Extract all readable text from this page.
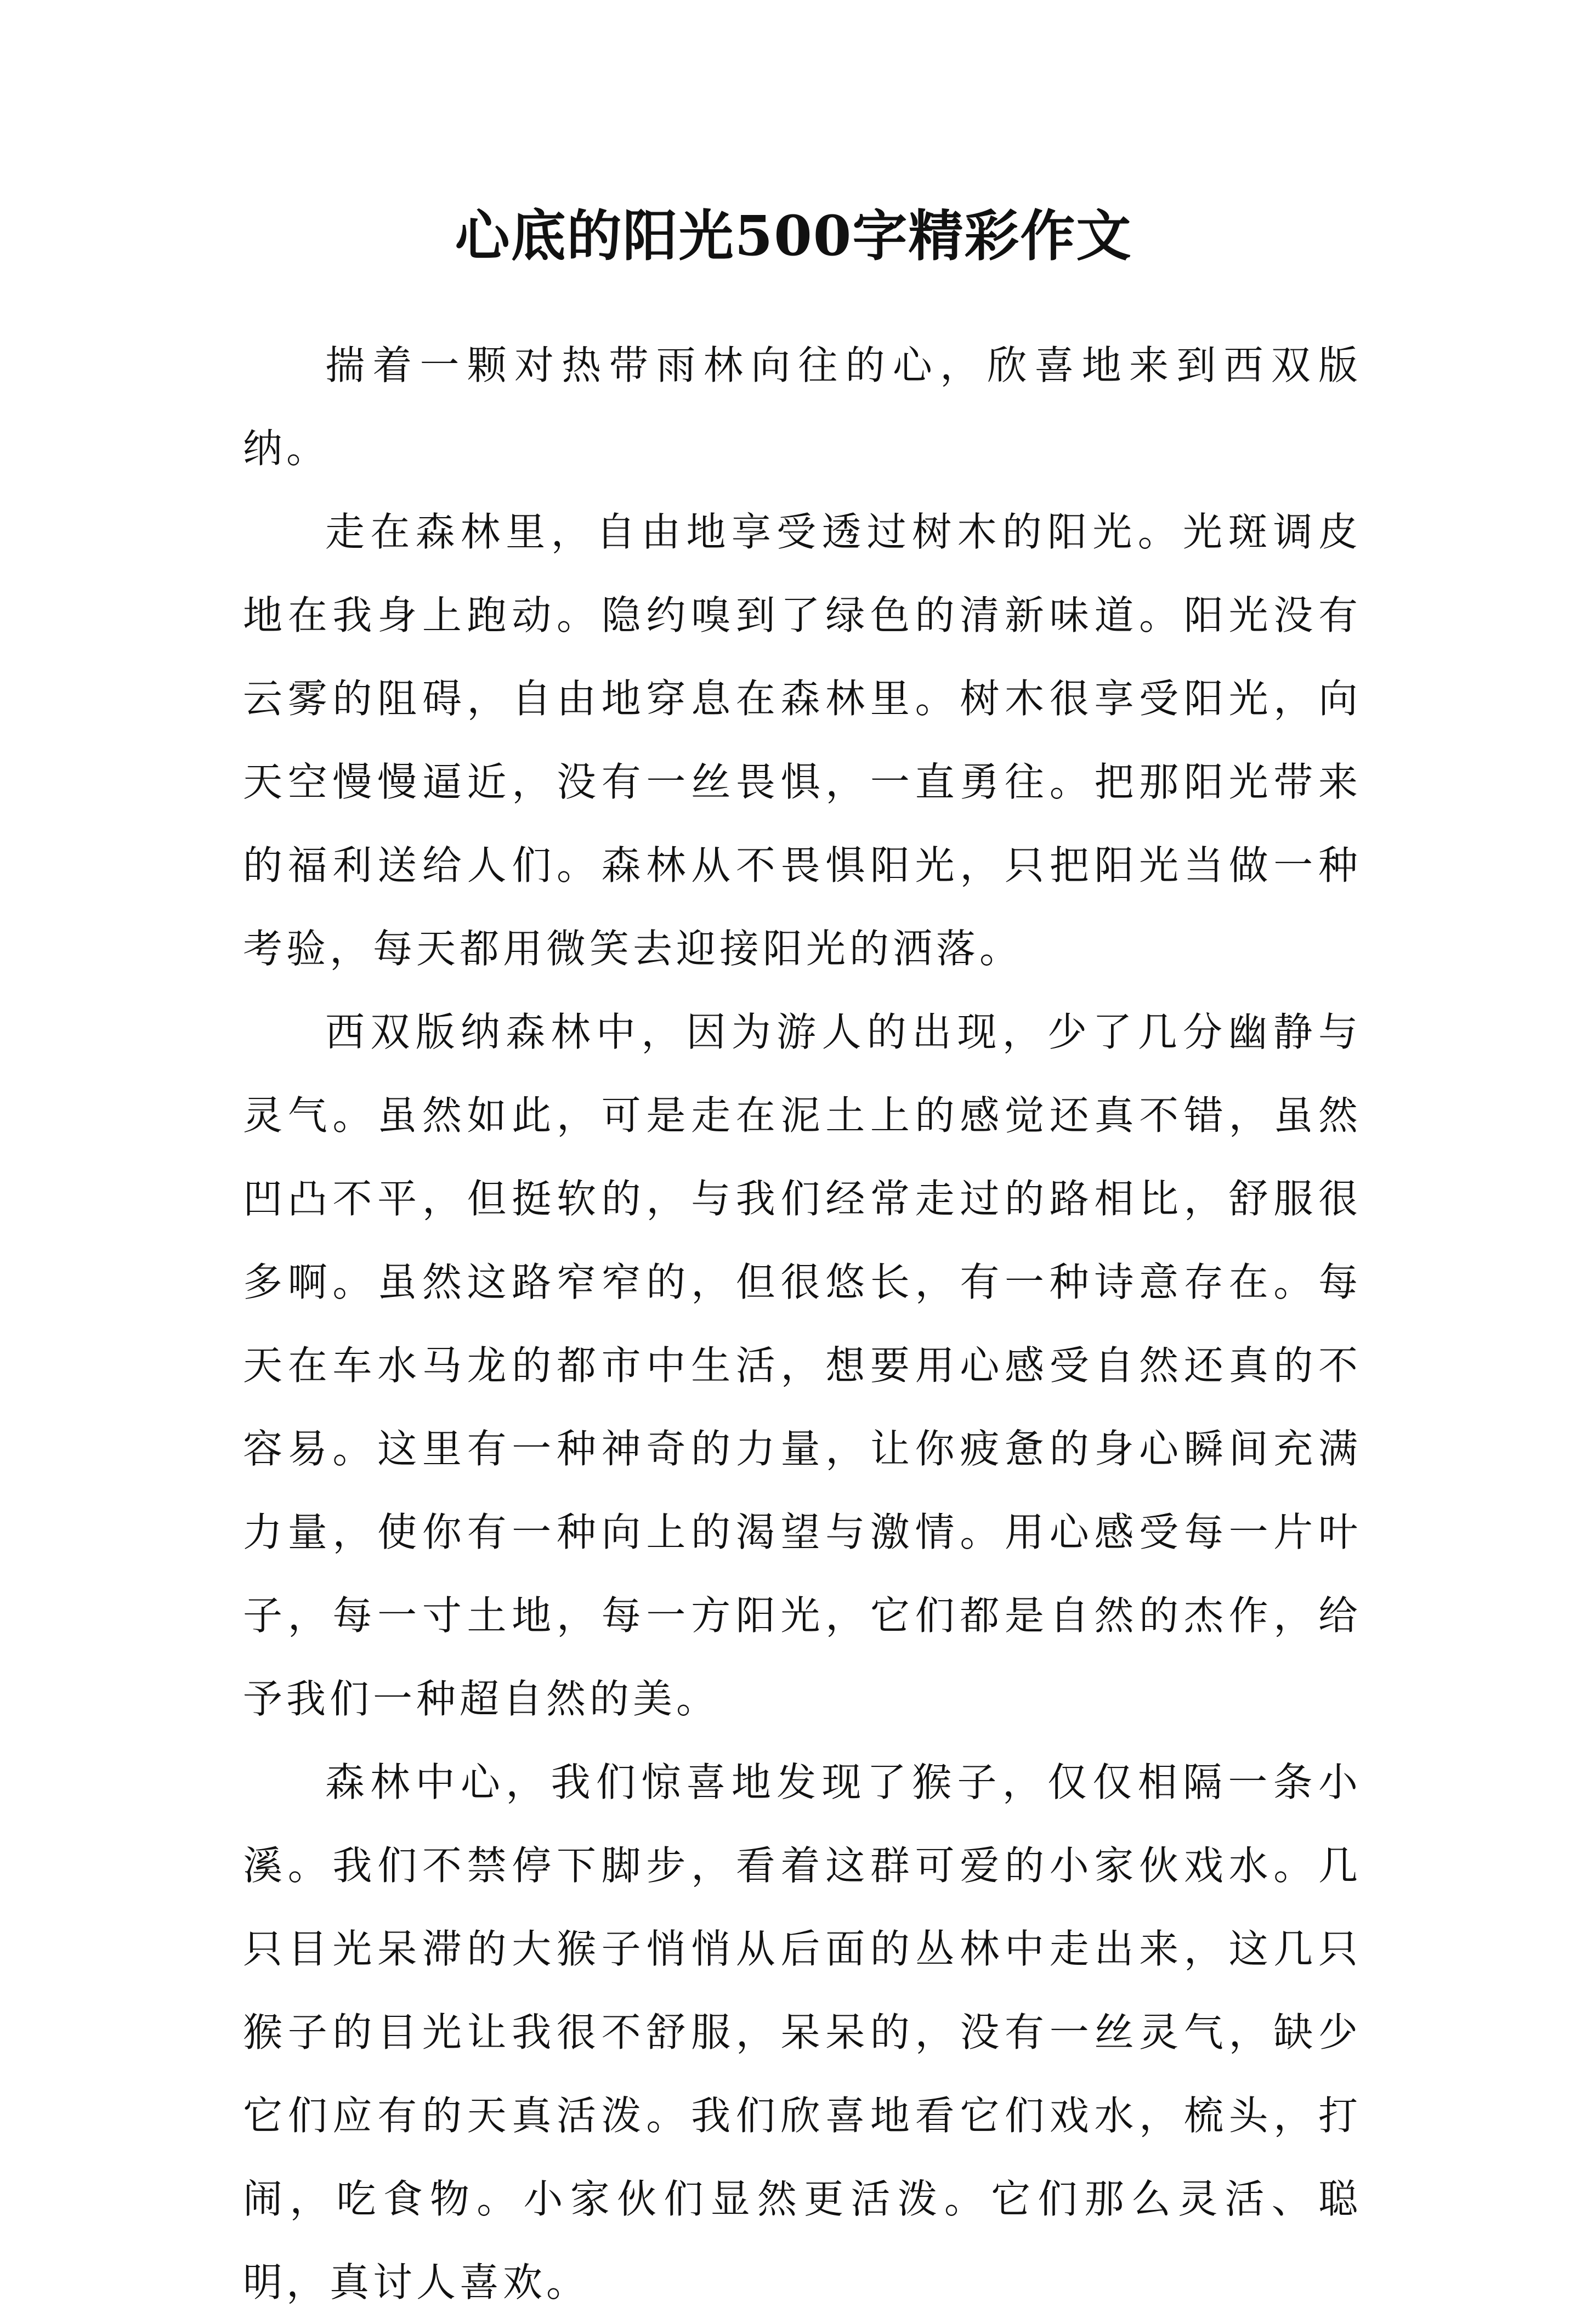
心底的阳光500字精彩作文

揣着一颗对热带雨林向往的心，欣喜地来到西双版纳。

走在森林里，自由地享受透过树木的阳光。光斑调皮地在我身上跑动。隐约嗅到了绿色的清新味道。阳光没有云雾的阻碍，自由地穿息在森林里。树木很享受阳光，向天空慢慢逼近，没有一丝畏惧，一直勇往。把那阳光带来的福利送给人们。森林从不畏惧阳光，只把阳光当做一种考验，每天都用微笑去迎接阳光的洒落。

西双版纳森林中，因为游人的出现，少了几分幽静与灵气。虽然如此，可是走在泥土上的感觉还真不错，虽然凹凸不平，但挺软的，与我们经常走过的路相比，舒服很多啊。虽然这路窄窄的，但很悠长，有一种诗意存在。每天在车水马龙的都市中生活，想要用心感受自然还真的不容易。这里有一种神奇的力量，让你疲惫的身心瞬间充满力量，使你有一种向上的渴望与激情。用心感受每一片叶子，每一寸土地，每一方阳光，它们都是自然的杰作，给予我们一种超自然的美。

森林中心，我们惊喜地发现了猴子，仅仅相隔一条小溪。我们不禁停下脚步，看着这群可爱的小家伙戏水。几只目光呆滞的大猴子悄悄从后面的丛林中走出来，这几只猴子的目光让我很不舒服，呆呆的，没有一丝灵气，缺少它们应有的天真活泼。我们欣喜地看它们戏水，梳头，打闹，吃食物。小家伙们显然更活泼。它们那么灵活、聪明，真讨人喜欢。
